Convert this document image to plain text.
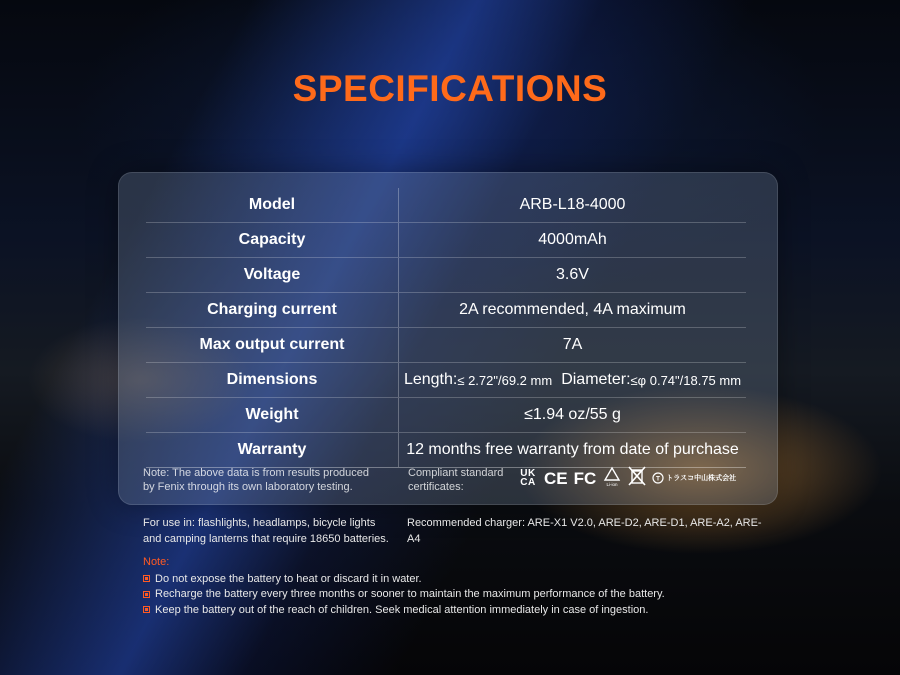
SPECIFICATIONS
Model	ARB-L18-4000
Capacity	4000mAh
Voltage	3.6V
Charging current	2A recommended, 4A maximum
Max output current	7A
Dimensions	Length: ≤ 2.72"/69.2 mm Diameter: ≤φ 0.74"/18.75 mm
Weight	≤1.94 oz/55 g
Warranty	12 months free warranty from date of purchase
Note: The above data is from results produced by Fenix through its own laboratory testing.
Compliant standard certificates:
UK
CA CE FC Li-ion
T トラスコ中山株式会社
For use in: flashlights, headlamps, bicycle lights and camping lanterns that require 18650 batteries.
Recommended charger: ARE-X1 V2.0, ARE-D2, ARE-D1, ARE-A2, ARE-A4
Note:
Do not expose the battery to heat or discard it in water.
Recharge the battery every three months or sooner to maintain the maximum performance of the battery.
Keep the battery out of the reach of children. Seek medical attention immediately in case of ingestion.
